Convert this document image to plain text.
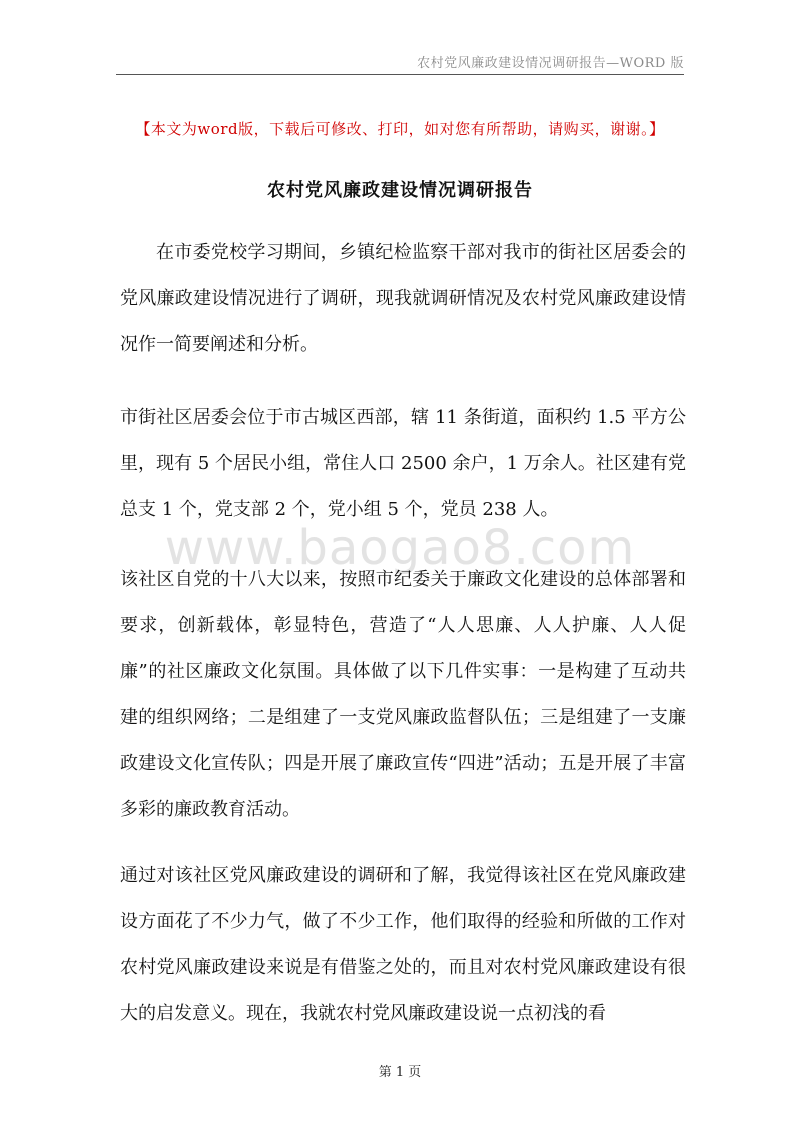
农村党风廉政建设情况调研报告—WORD 版
【本文为word版，下载后可修改、打印，如对您有所帮助，请购买，谢谢。】
农村党风廉政建设情况调研报告

在市委党校学习期间，乡镇纪检监察干部对我市的街社区居委会的党风廉政建设情况进行了调研，现我就调研情况及农村党风廉政建设情况作一简要阐述和分析。

市街社区居委会位于市古城区西部，辖 11 条街道，面积约 1.5 平方公里，现有 5 个居民小组，常住人口 2500 余户，1 万余人。社区建有党总支 1 个，党支部 2 个，党小组 5 个，党员 238 人。

www.baogao8.com

该社区自党的十八大以来，按照市纪委关于廉政文化建设的总体部署和要求，创新载体，彰显特色，营造了“人人思廉、人人护廉、人人促廉”的社区廉政文化氛围。具体做了以下几件实事：一是构建了互动共建的组织网络；二是组建了一支党风廉政监督队伍；三是组建了一支廉政建设文化宣传队；四是开展了廉政宣传“四进”活动；五是开展了丰富多彩的廉政教育活动。

通过对该社区党风廉政建设的调研和了解，我觉得该社区在党风廉政建设方面花了不少力气，做了不少工作，他们取得的经验和所做的工作对农村党风廉政建设来说是有借鉴之处的，而且对农村党风廉政建设有很大的启发意义。现在，我就农村党风廉政建设说一点初浅的看

第 1 页
